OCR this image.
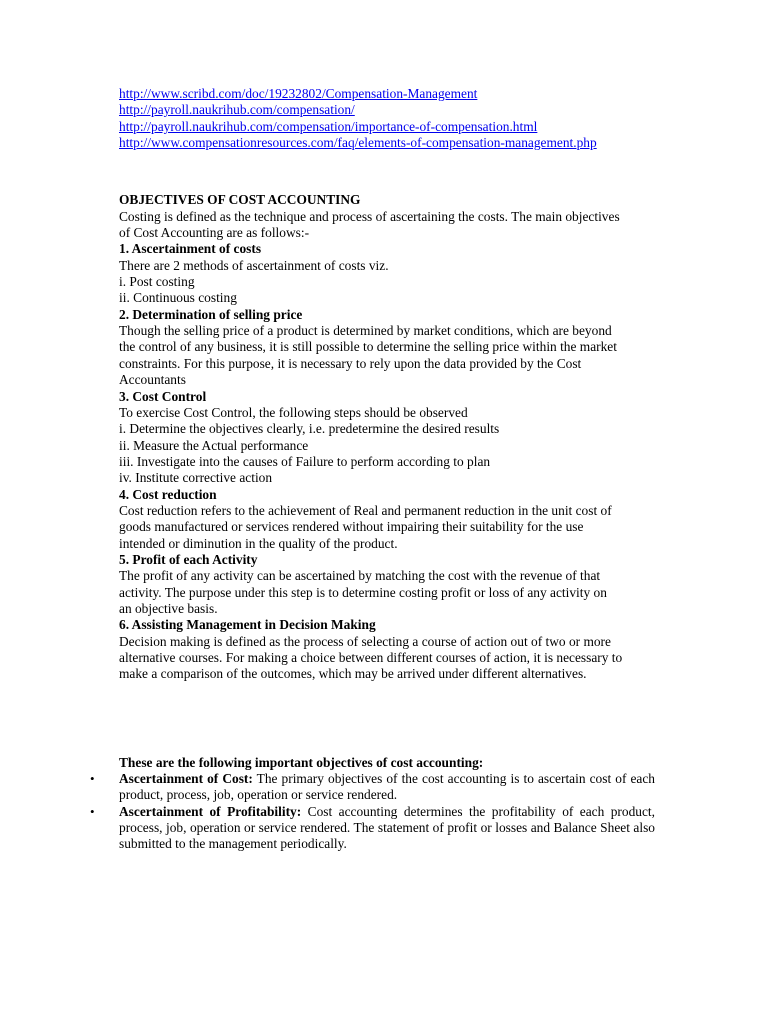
http://www.scribd.com/doc/19232802/Compensation-Management
http://payroll.naukrihub.com/compensation/
http://payroll.naukrihub.com/compensation/importance-of-compensation.html
http://www.compensationresources.com/faq/elements-of-compensation-management.php
OBJECTIVES OF COST ACCOUNTING
Costing is defined as the technique and process of ascertaining the costs. The main objectives
of Cost Accounting are as follows:-
1. Ascertainment of costs
There are 2 methods of ascertainment of costs viz.
i. Post costing
ii. Continuous costing
2. Determination of selling price
Though the selling price of a product is determined by market conditions, which are beyond
the control of any business, it is still possible to determine the selling price within the market
constraints. For this purpose, it is necessary to rely upon the data provided by the Cost
Accountants
3. Cost Control
To exercise Cost Control, the following steps should be observed
i. Determine the objectives clearly, i.e. predetermine the desired results
ii. Measure the Actual performance
iii. Investigate into the causes of Failure to perform according to plan
iv. Institute corrective action
4. Cost reduction
Cost reduction refers to the achievement of Real and permanent reduction in the unit cost of
goods manufactured or services rendered without impairing their suitability for the use
intended or diminution in the quality of the product.
5. Profit of each Activity
The profit of any activity can be ascertained by matching the cost with the revenue of that
activity. The purpose under this step is to determine costing profit or loss of any activity on
an objective basis.
6. Assisting Management in Decision Making
Decision making is defined as the process of selecting a course of action out of two or more
alternative courses. For making a choice between different courses of action, it is necessary to
make a comparison of the outcomes, which may be arrived under different alternatives.
These are the following important objectives of cost accounting:
• Ascertainment of Cost: The primary objectives of the cost accounting is to ascertain cost of each product, process, job, operation or service rendered.
• Ascertainment of Profitability: Cost accounting determines the profitability of each product, process, job, operation or service rendered. The statement of profit or losses and Balance Sheet also submitted to the management periodically.
